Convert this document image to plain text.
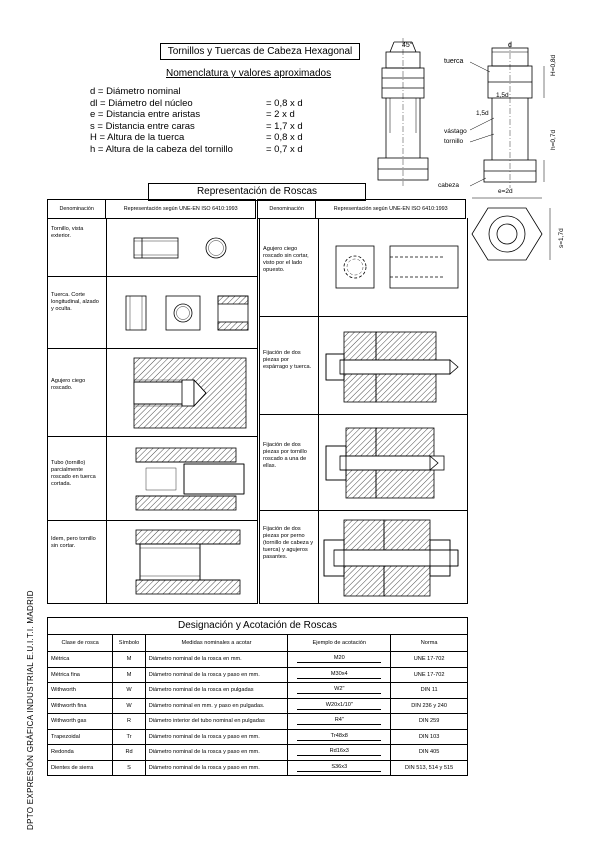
Tornillos y Tuercas de Cabeza Hexagonal
Nomenclatura y valores aproximados
d = Diámetro nominal
dl = Diámetro del núcleo	= 0,8 x d
e = Distancia entre aristas	= 2 x d
s = Distancia entre caras	= 1,7 x d
H = Altura de la tuerca	= 0,8 x d
h = Altura de la cabeza del tornillo	= 0,7 x d
45°
tuerca
d
H=0,8d
1,5d
1,5d
vástago
tornillo	h=0,7d
cabeza
e=2d
s=1,7d
Representación de Roscas
Denominación	Representación según UNE-EN ISO 6410:1993	Denominación	Representación según UNE-EN ISO 6410:1993
Tornillo, vista exterior.
Tuerca. Corte longitudinal, alzado y oculta.
Agujero ciego roscado.
Tubo (tornillo) parcialmente roscado en tuerca cortada.
Idem, pero tornillo sin cortar.
Agujero ciego roscado sin cortar, visto por el lado opuesto.
Fijación de dos piezas por espárrago y tuerca.
Fijación de dos piezas por tornillo roscado a una de ellas.
Fijación de dos piezas por perno (tornillo de cabeza y tuerca) y agujeros pasantes.
Designación y Acotación de Roscas
Clase de rosca	Símbolo	Medidas nominales a acotar	Ejemplo de acotación	Norma
Métrica	M	Diámetro nominal de la rosca en mm.	M20	UNE 17-702
Métrica fina	M	Diámetro nominal de la rosca y paso en mm.	M30x4	UNE 17-702
Withworth	W	Diámetro nominal de la rosca en pulgadas	W2"	DIN 11
Withworth fina	W	Diámetro nominal en mm. y paso en pulgadas.	W20x1/10"	DIN 236 y 240
Withworth gas	R	Diámetro interior del tubo nominal en pulgadas	R4"	DIN 259
Trapezoidal	Tr	Diámetro nominal de la rosca y paso en mm.	Tr48x8	DIN 103
Redonda	Rd	Diámetro nominal de la rosca y paso en mm.	Rd16x3	DIN 405
Dientes de sierra	S	Diámetro nominal de la rosca y paso en mm.	S36x3	DIN 513, 514 y 515
DPTO EXPRESIÓN GRÁFICA INDUSTRIAL E.U.I.T.I. MADRID
